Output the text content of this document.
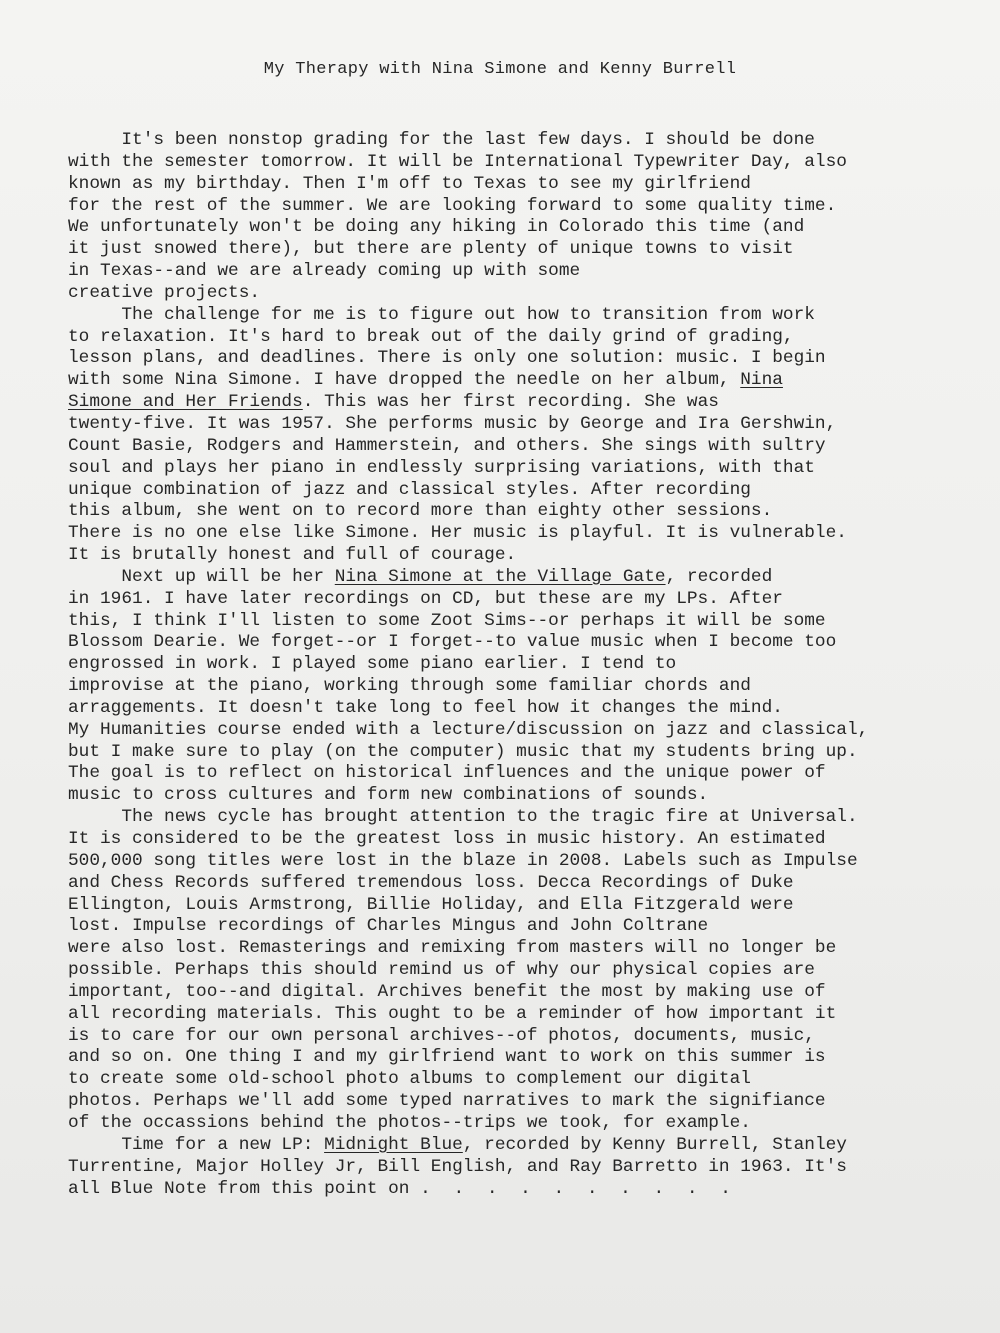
My Therapy with Nina Simone and Kenny Burrell
It's been nonstop grading for the last few days. I should be done
with the semester tomorrow. It will be International Typewriter Day, also
known as my birthday. Then I'm off to Texas to see my girlfriend
for the rest of the summer. We are looking forward to some quality time.
We unfortunately won't be doing any hiking in Colorado this time (and
it just snowed there), but there are plenty of unique towns to visit
in Texas--and we are already coming up with some
creative projects.
The challenge for me is to figure out how to transition from work
to relaxation. It's hard to break out of the daily grind of grading,
lesson plans, and deadlines. There is only one solution: music. I begin
with some Nina Simone. I have dropped the needle on her album, Nina
Simone and Her Friends. This was her first recording. She was
twenty-five. It was 1957. She performs music by George and Ira Gershwin,
Count Basie, Rodgers and Hammerstein, and others. She sings with sultry
soul and plays her piano in endlessly surprising variations, with that
unique combination of jazz and classical styles. After recording
this album, she went on to record more than eighty other sessions.
There is no one else like Simone. Her music is playful. It is vulnerable.
It is brutally honest and full of courage.
Next up will be her Nina Simone at the Village Gate, recorded
in 1961. I have later recordings on CD, but these are my LPs. After
this, I think I'll listen to some Zoot Sims--or perhaps it will be some
Blossom Dearie. We forget--or I forget--to value music when I become too
engrossed in work. I played some piano earlier. I tend to
improvise at the piano, working through some familiar chords and
arraggements. It doesn't take long to feel how it changes the mind.
My Humanities course ended with a lecture/discussion on jazz and classical,
but I make sure to play (on the computer) music that my students bring up.
The goal is to reflect on historical influences and the unique power of
music to cross cultures and form new combinations of sounds.
The news cycle has brought attention to the tragic fire at Universal.
It is considered to be the greatest loss in music history. An estimated
500,000 song titles were lost in the blaze in 2008. Labels such as Impulse
and Chess Records suffered tremendous loss. Decca Recordings of Duke
Ellington, Louis Armstrong, Billie Holiday, and Ella Fitzgerald were
lost. Impulse recordings of Charles Mingus and John Coltrane
were also lost. Remasterings and remixing from masters will no longer be
possible. Perhaps this should remind us of why our physical copies are
important, too--and digital. Archives benefit the most by making use of
all recording materials. This ought to be a reminder of how important it
is to care for our own personal archives--of photos, documents, music,
and so on. One thing I and my girlfriend want to work on this summer is
to create some old-school photo albums to complement our digital
photos. Perhaps we'll add some typed narratives to mark the signifiance
of the occassions behind the photos--trips we took, for example.
Time for a new LP: Midnight Blue, recorded by Kenny Burrell, Stanley
Turrentine, Major Holley Jr, Bill English, and Ray Barretto in 1963. It's
all Blue Note from this point on . . . . . . . . . .
